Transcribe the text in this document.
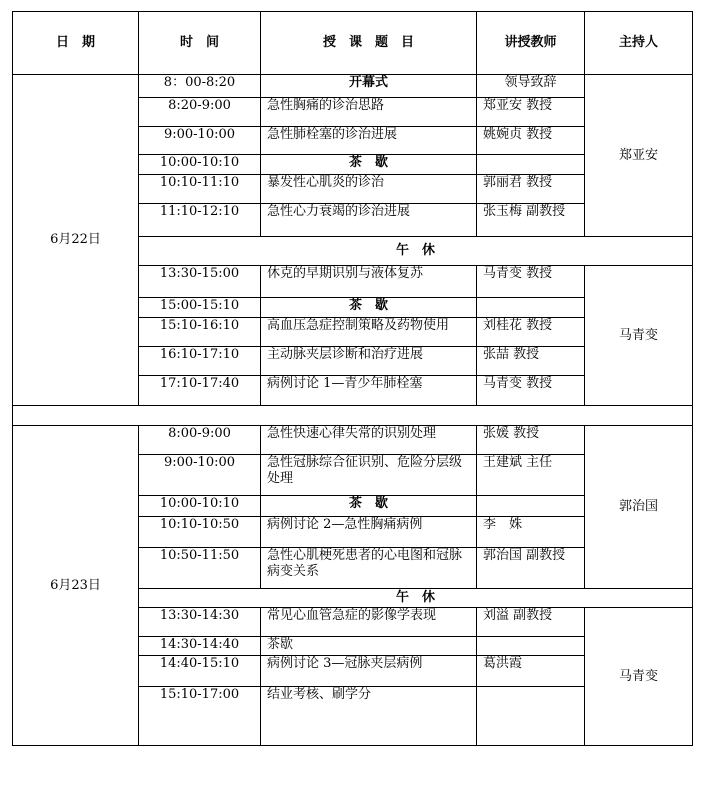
日　期	时　间	授　课　题　目	讲授教师	主持人
6月22日	8：00-8:20	开幕式	领导致辞	郑亚安
	8:20-9:00	急性胸痛的诊治思路	郑亚安 教授	
	9:00-10:00	急性肺栓塞的诊治进展	姚婉贞 教授	
	10:00-10:10	茶　歇		
	10:10-11:10	暴发性心肌炎的诊治	郭丽君 教授	
	11:10-12:10	急性心力衰竭的诊治进展	张玉梅 副教授	
	午　休			
	13:30-15:00	休克的早期识别与液体复苏	马青变 教授	马青变
	15:00-15:10	茶　歇		
	15:10-16:10	高血压急症控制策略及药物使用	刘桂花 教授	
	16:10-17:10	主动脉夹层诊断和治疗进展	张喆 教授	
	17:10-17:40	病例讨论 1—青少年肺栓塞	马青变 教授	

6月23日	8:00-9:00	急性快速心律失常的识别处理	张媛 教授	郭治国
	9:00-10:00	急性冠脉综合征识别、危险分层级处理	王建斌 主任	
	10:00-10:10	茶　歇		
	10:10-10:50	病例讨论 2—急性胸痛病例	李　姝	
	10:50-11:50	急性心肌梗死患者的心电图和冠脉病变关系	郭治国 副教授	
	午　休			
	13:30-14:30	常见心血管急症的影像学表现	刘溢 副教授	马青变
	14:30-14:40	茶歇		
	14:40-15:10	病例讨论 3—冠脉夹层病例	葛洪霞	
	15:10-17:00	结业考核、刷学分		
